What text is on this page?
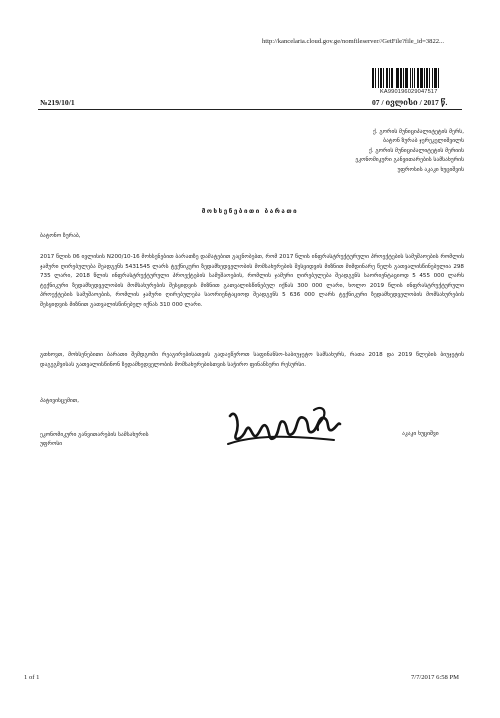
http://kancelaria.cloud.gov.ge/nomfileserver//GetFile?file_id=3822...
KA990196029047517
№219/10/1	07 / ივლისი / 2017 წ.
ქ. გორის მუნიციპალიტეტის მერს,
ბატონ ზურაბ ჯერეკელიშვილს
ქ. გორის მუნიციპალიტეტის მერიის
ეკონომიკური განვითარების სამსახურის
უფროსის აკაკი ხუციშვის
მოხსენებითი ბარათი
ბატონო ზურაბ,

2017 წლის 06 ივლისის N200/10-16 მოხსენებით ბარათზე დამატებით გაცნობებთ, რომ 2017 წლის ინფრასტრუქტურული პროექტების სამუშაოების რომლის ჯამური ღირებულება შეადგენს 5431545 ლარს ტექნიკური ზედამხედველობის მომსახურების შესყიდვის მიზნით მიმდინარე წელს გათვალისწინებულია 298 735 ლარი, 2018 წლის ინფრასტრუქტურული პროექტების სამუშაოების, რომლის ჯამური ღირებულება შეადგენს საორიენტაციოდ 5 455 000 ლარს ტექნიკური ზედამხედველობის მომსახურების შესყიდვის მიზნით გათვალისწინებულ იქნას 300 000 ლარი, ხოლო 2019 წლის ინფრასტრუქტურული პროექტების სამუშაოების, რომლის ჯამური ღირებულება საორიენტაციოდ შეადგენს 5 636 000 ლარს ტექნიკური ზედამხედველობის მომსახურების შესყიდვის მიზნით გათვალისწინებულ იქნას 310 000 ლარი.

გთხოვთ, მოხსენებითი ბარათი შემდგომი რეაგირებისათვის გადაეწეროთ საფინანსო-საბიუჯეტო სამსახურს, რათა 2018 და 2019 წლების ბიუჯეტის დაგეგმვისას გათვალისწინონ ზედამხედველობის მომსახურებისთვის საჭირო ფინანსური რესურსი.

პატივისცემით,
ეკონომიკური განვითარების სამსახურის
უფროსი
აკაკი ხუციშვი
1 of 1	7/7/2017 6:58 PM
